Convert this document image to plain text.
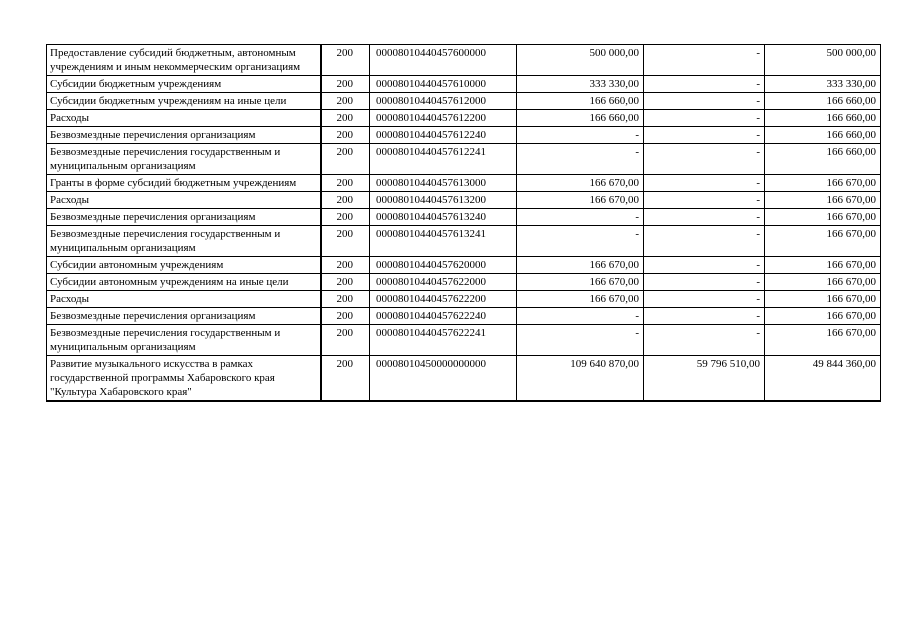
Предоставление субсидий бюджетным, автономным учреждениям и иным некоммерческим организациям	200	00008010440457600000	500 000,00	-	500 000,00
Субсидии бюджетным учреждениям	200	00008010440457610000	333 330,00	-	333 330,00
Субсидии бюджетным учреждениям на иные цели	200	00008010440457612000	166 660,00	-	166 660,00
Расходы	200	00008010440457612200	166 660,00	-	166 660,00
Безвозмездные перечисления организациям	200	00008010440457612240	-	-	166 660,00
Безвозмездные перечисления государственным и муниципальным организациям	200	00008010440457612241	-	-	166 660,00
Гранты в форме субсидий бюджетным учреждениям	200	00008010440457613000	166 670,00	-	166 670,00
Расходы	200	00008010440457613200	166 670,00	-	166 670,00
Безвозмездные перечисления организациям	200	00008010440457613240	-	-	166 670,00
Безвозмездные перечисления государственным и муниципальным организациям	200	00008010440457613241	-	-	166 670,00
Субсидии автономным учреждениям	200	00008010440457620000	166 670,00	-	166 670,00
Субсидии автономным учреждениям на иные цели	200	00008010440457622000	166 670,00	-	166 670,00
Расходы	200	00008010440457622200	166 670,00	-	166 670,00
Безвозмездные перечисления организациям	200	00008010440457622240	-	-	166 670,00
Безвозмездные перечисления государственным и муниципальным организациям	200	00008010440457622241	-	-	166 670,00
Развитие музыкального искусства в рамках государственной программы Хабаровского края "Культура Хабаровского края"	200	00008010450000000000	109 640 870,00	59 796 510,00	49 844 360,00
